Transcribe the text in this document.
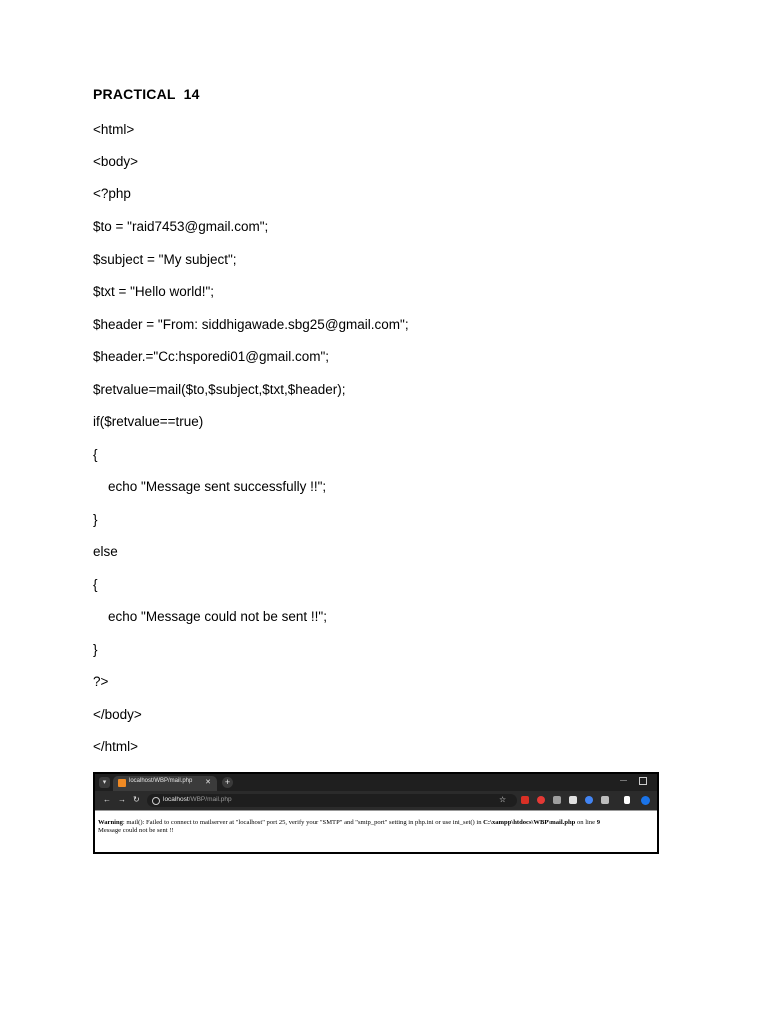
PRACTICAL  14
<html>
<body>
<?php
$to = "raid7453@gmail.com";
$subject = "My subject";
$txt = "Hello world!";
$header = "From: siddhigawade.sbg25@gmail.com";
$header.="Cc:hsporedi01@gmail.com";
$retvalue=mail($to,$subject,$txt,$header);
if($retvalue==true)
{
echo "Message sent successfully !!";
}
else
{
echo "Message could not be sent !!";
}
?>
</body>
</html>
▾	localhost/WBP/mail.php ✕	+	—
← → ↻	localhost/WBP/mail.php	☆
Warning: mail(): Failed to connect to mailserver at "localhost" port 25, verify your "SMTP" and "smtp_port" setting in php.ini or use ini_set() in C:\xampp\htdocs\WBP\mail.php on line 9
Message could not be sent !!
